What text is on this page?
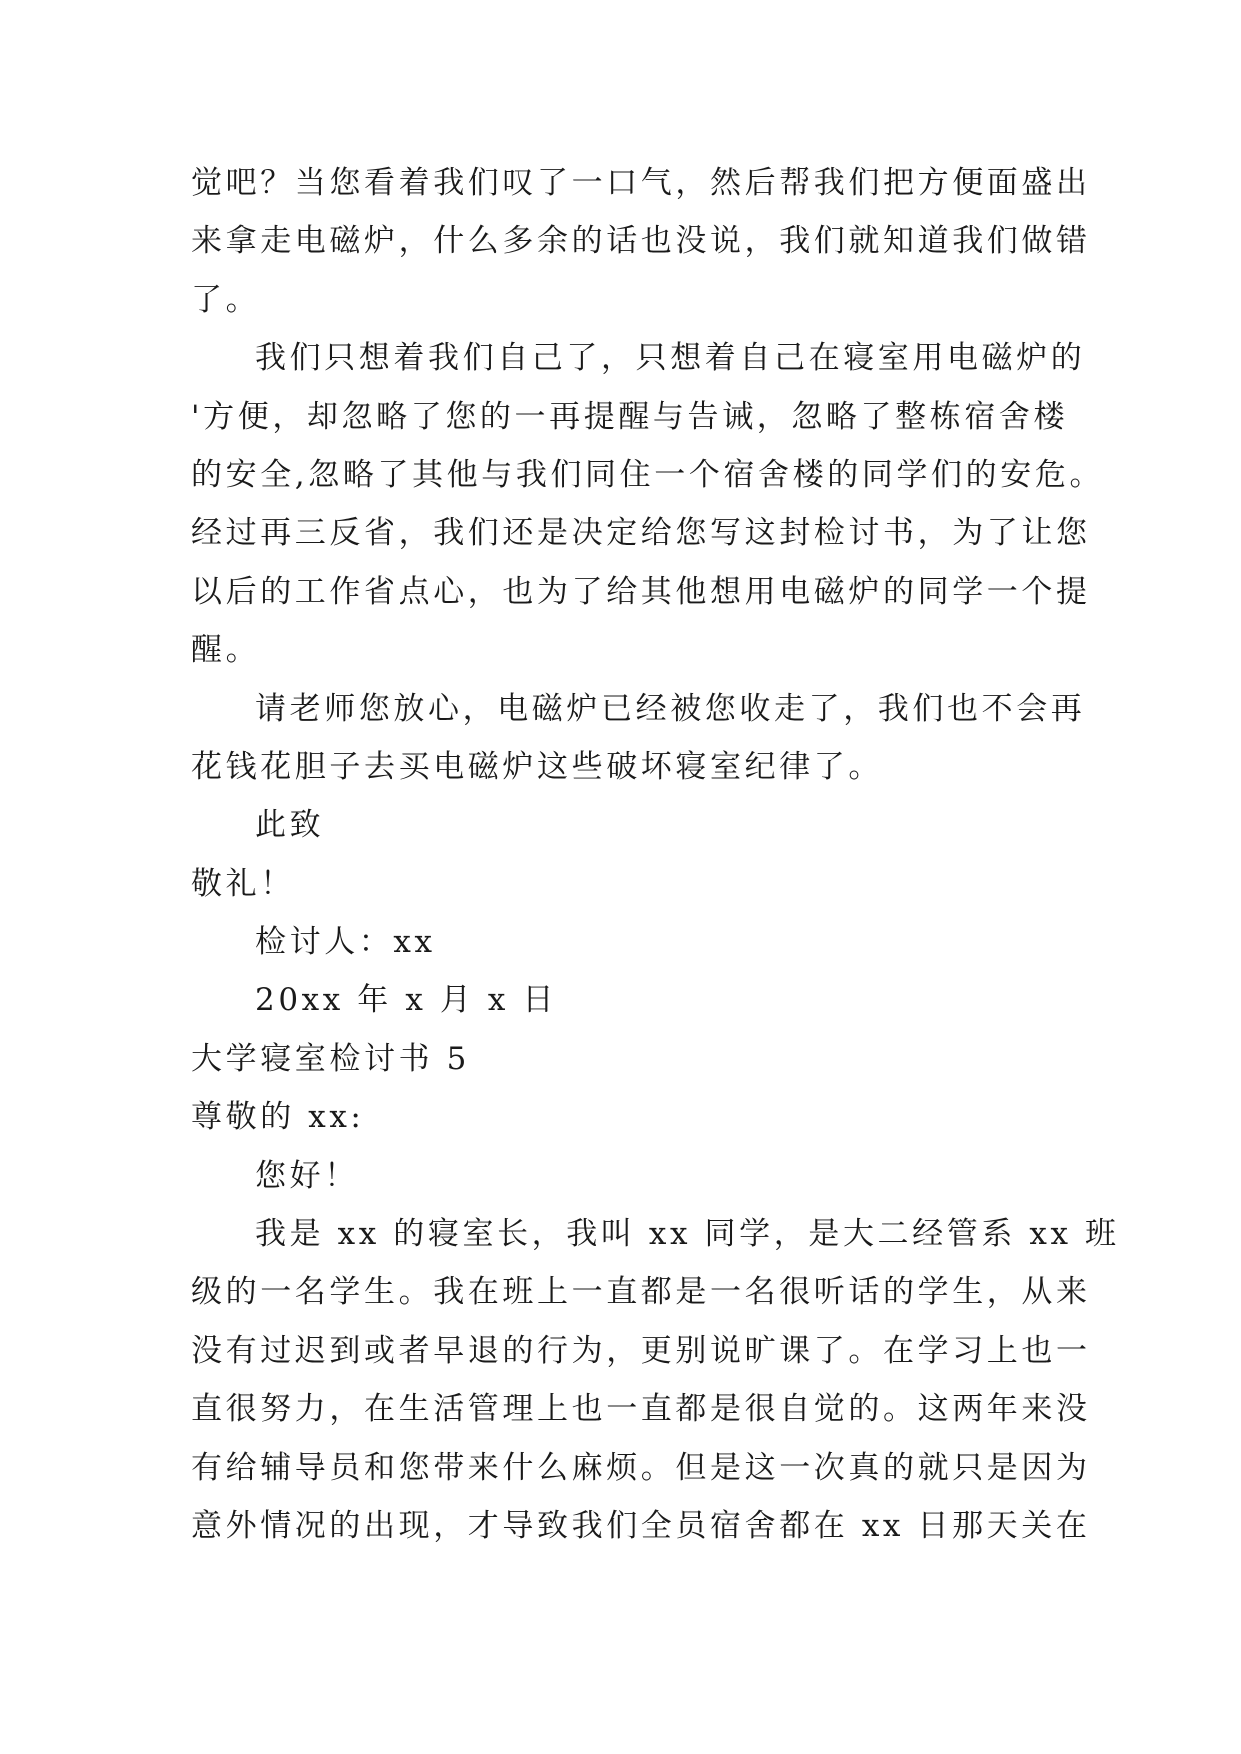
觉吧？当您看着我们叹了一口气，然后帮我们把方便面盛出
来拿走电磁炉，什么多余的话也没说，我们就知道我们做错
了。
我们只想着我们自己了，只想着自己在寝室用电磁炉的
'方便，却忽略了您的一再提醒与告诫，忽略了整栋宿舍楼
的安全,忽略了其他与我们同住一个宿舍楼的同学们的安危。
经过再三反省，我们还是决定给您写这封检讨书，为了让您
以后的工作省点心，也为了给其他想用电磁炉的同学一个提
醒。
请老师您放心，电磁炉已经被您收走了，我们也不会再
花钱花胆子去买电磁炉这些破坏寝室纪律了。
此致
敬礼！
检讨人：xx
20xx 年 x 月 x 日
大学寝室检讨书 5
尊敬的 xx:
您好！
我是 xx 的寝室长，我叫 xx 同学，是大二经管系 xx 班
级的一名学生。我在班上一直都是一名很听话的学生，从来
没有过迟到或者早退的行为，更别说旷课了。在学习上也一
直很努力，在生活管理上也一直都是很自觉的。这两年来没
有给辅导员和您带来什么麻烦。但是这一次真的就只是因为
意外情况的出现，才导致我们全员宿舍都在 xx 日那天关在
